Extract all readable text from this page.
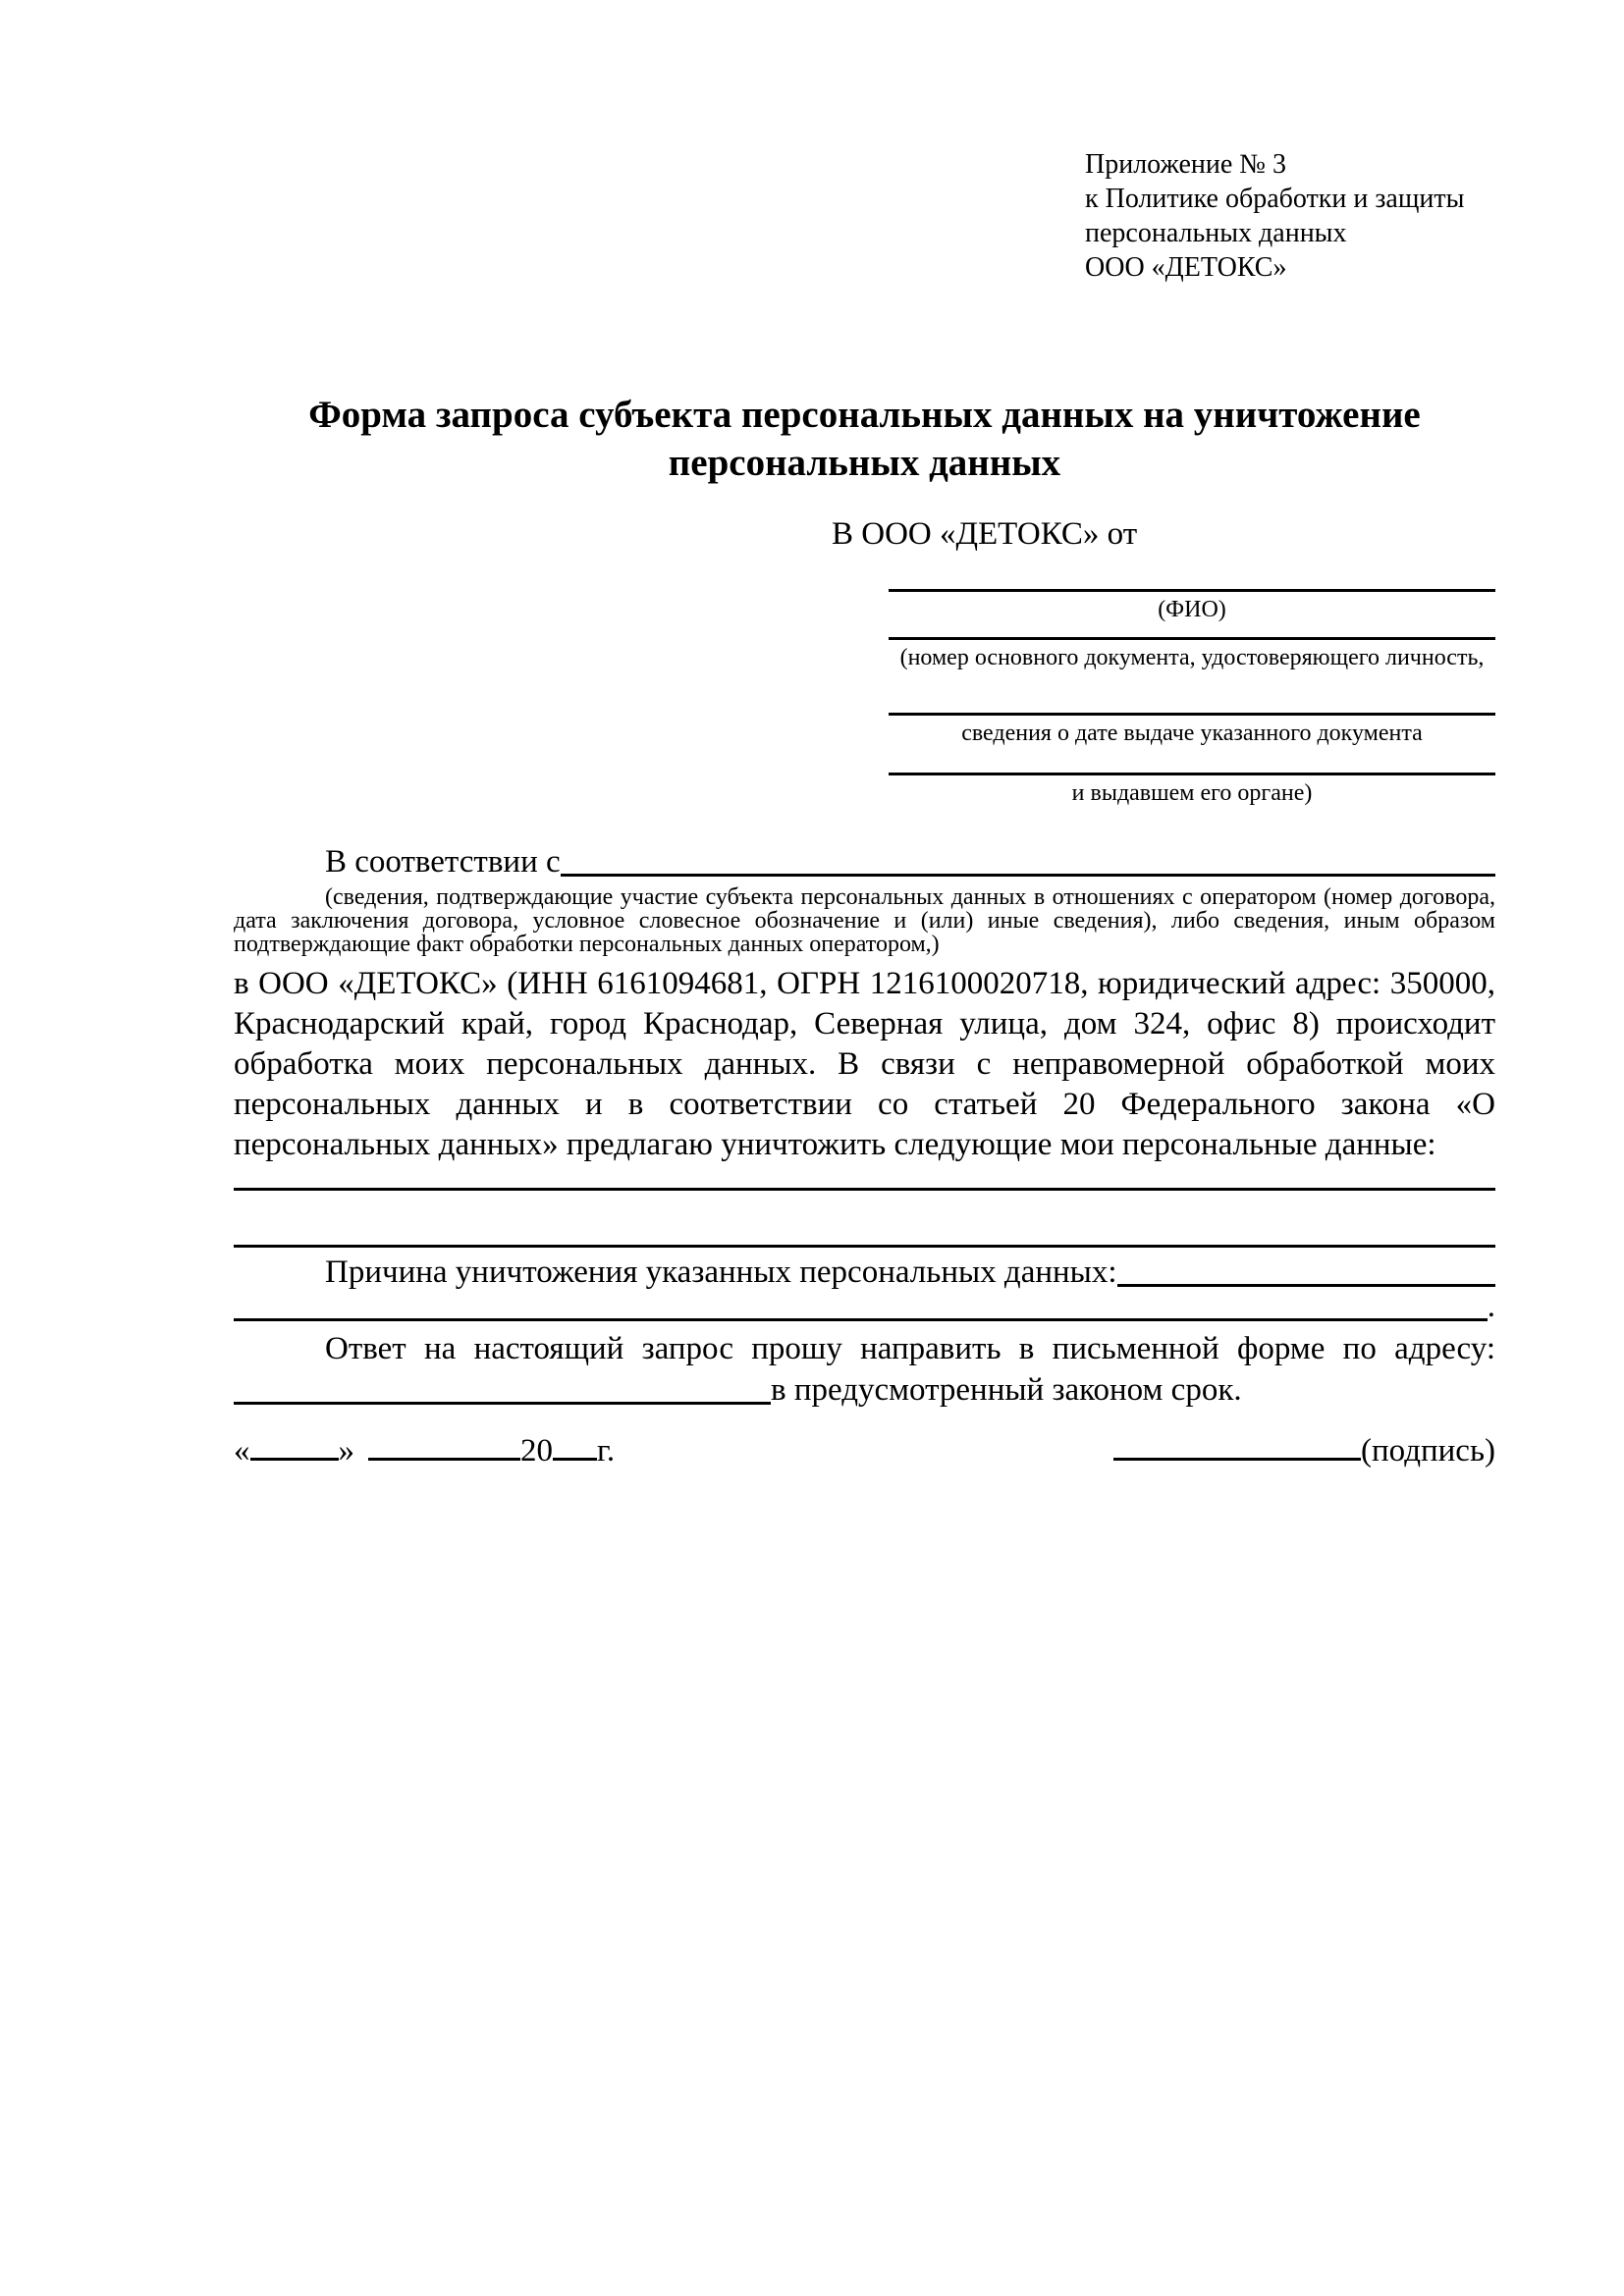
Приложение № 3
к Политике обработки и защиты
персональных данных
ООО «ДЕТОКС»
Форма запроса субъекта персональных данных на уничтожение
персональных данных
В ООО «ДЕТОКС» от
(ФИО)
(номер основного документа, удостоверяющего личность,
сведения о дате выдаче указанного документа
и выдавшем его органе)
В соответствии с
(сведения, подтверждающие участие субъекта персональных данных в отношениях с оператором (номер договора, дата заключения договора, условное словесное обозначение и (или) иные сведения), либо сведения, иным образом подтверждающие факт обработки персональных данных оператором,)
в ООО «ДЕТОКС» (ИНН 6161094681, ОГРН 1216100020718, юридический адрес: 350000, Краснодарский край, город Краснодар, Северная улица, дом 324, офис 8) происходит обработка моих персональных данных. В связи с неправомерной обработкой моих персональных данных и в соответствии со статьей 20 Федерального закона «О персональных данных» предлагаю уничтожить следующие мои персональные данные:
Причина уничтожения указанных персональных данных:
.
Ответ на настоящий запрос прошу направить в письменной форме по адресу:
в предусмотренный законом срок.
«	»	20 г.	(подпись)
